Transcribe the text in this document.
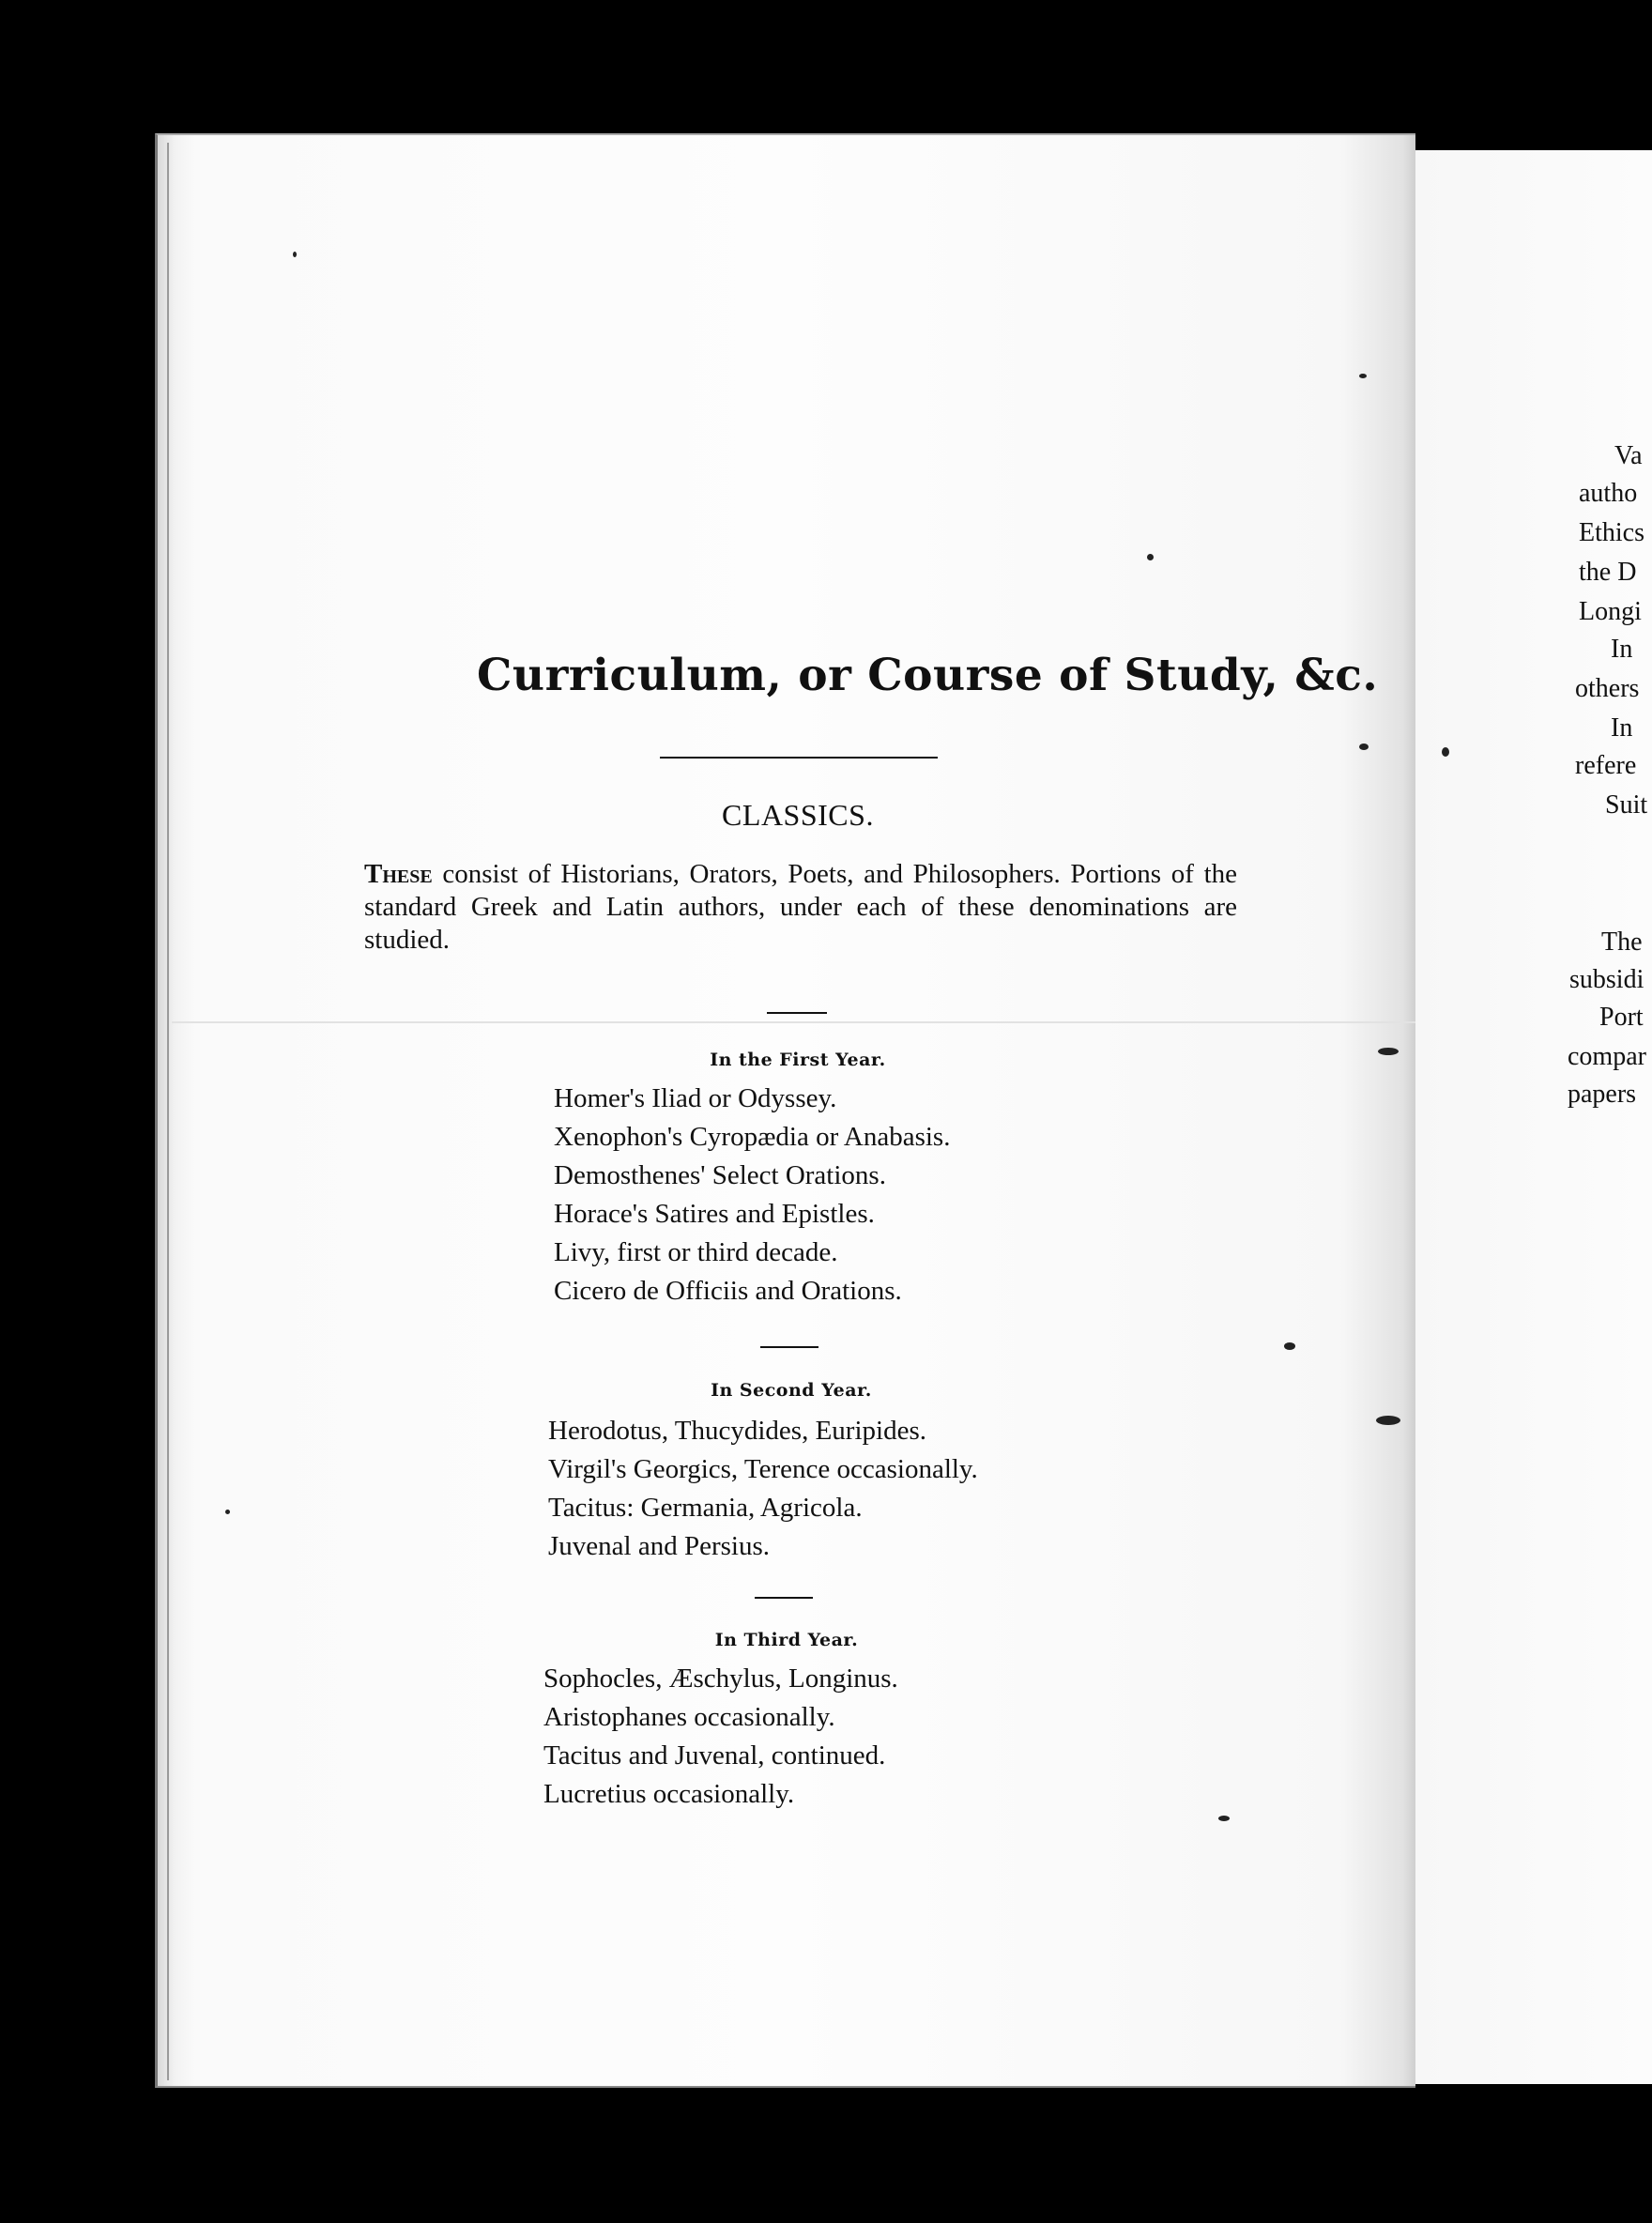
Va
autho
Ethics
the D
Longi
In
others
In
refere
Suit
The
subsidi
Port
compar
papers
Curriculum, or Course of Study, &c.
CLASSICS.
These consist of Historians, Orators, Poets, and Philosophers. Portions of the standard Greek and Latin authors, under each of these denominations are studied.
In the First Year.
Homer's Iliad or Odyssey.
Xenophon's Cyropædia or Anabasis.
Demosthenes' Select Orations.
Horace's Satires and Epistles.
Livy, first or third decade.
Cicero de Officiis and Orations.
In Second Year.
Herodotus, Thucydides, Euripides.
Virgil's Georgics, Terence occasionally.
Tacitus: Germania, Agricola.
Juvenal and Persius.
In Third Year.
Sophocles, Æschylus, Longinus.
Aristophanes occasionally.
Tacitus and Juvenal, continued.
Lucretius occasionally.
